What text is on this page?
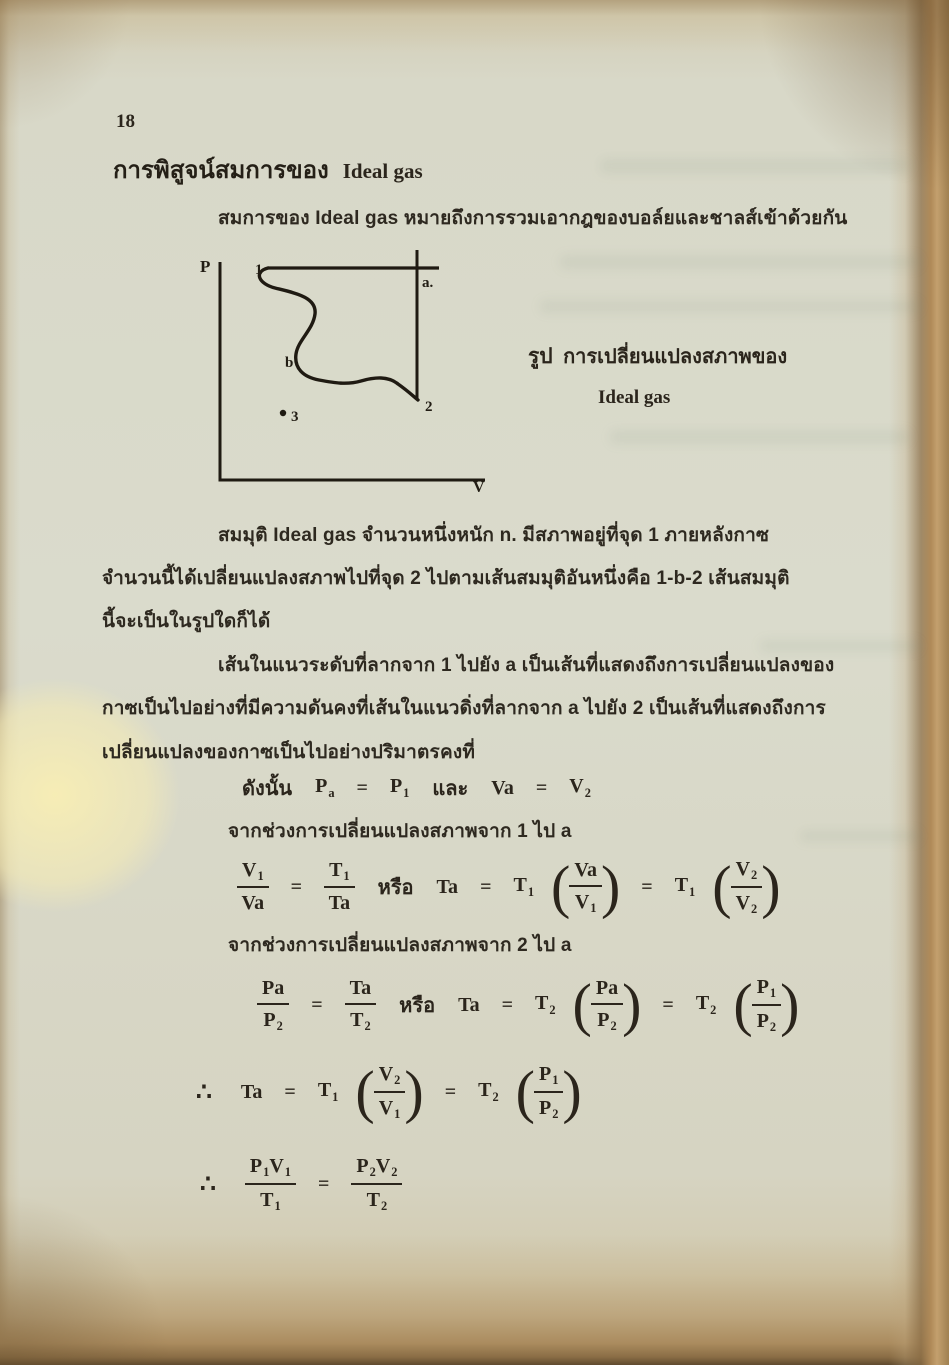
18
การพิสูจน์สมการของ Ideal gas
สมการของ Ideal gas หมายถึงการรวมเอากฎของบอล์ยและชาลส์เข้าด้วยกัน
P
V
1
a.
b
2
3
รูป การเปลี่ยนแปลงสภาพของ
Ideal gas
สมมุติ Ideal gas จำนวนหนึ่งหนัก n. มีสภาพอยู่ที่จุด 1 ภายหลังกาซ
จำนวนนี้ได้เปลี่ยนแปลงสภาพไปที่จุด 2 ไปตามเส้นสมมุติอันหนึ่งคือ 1-b-2 เส้นสมมุติ
นี้จะเป็นในรูปใดก็ได้
เส้นในแนวระดับที่ลากจาก 1 ไปยัง a เป็นเส้นที่แสดงถึงการเปลี่ยนแปลงของ
กาซเป็นไปอย่างที่มีความดันคงที่เส้นในแนวดิ่งที่ลากจาก a ไปยัง 2 เป็นเส้นที่แสดงถึงการ
เปลี่ยนแปลงของกาซเป็นไปอย่างปริมาตรคงที่
ดังนั้น $P_a = P_1$ และ $Va = V_2$
จากช่วงการเปลี่ยนแปลงสภาพจาก 1 ไป a
$\frac{V_1}{Va} = \frac{T_1}{Ta}$ หรือ $Ta = T_1$ ( $\frac{Va}{V_1}$ ) = $T_1$ ( $\frac{V_2}{V_2}$ )
จากช่วงการเปลี่ยนแปลงสภาพจาก 2 ไป a
$\frac{Pa}{P_2} = \frac{Ta}{T_2}$ หรือ $Ta = T_2$ ( $\frac{Pa}{P_2}$ ) = $T_2$ ( $\frac{P_1}{P_2}$ )
∴ $Ta = T_1$ ( $\frac{V_2}{V_1}$ ) = $T_2$ ( $\frac{P_1}{P_2}$ )
∴ $\frac{P_1V_1}{T_1} = \frac{P_2V_2}{T_2}$
